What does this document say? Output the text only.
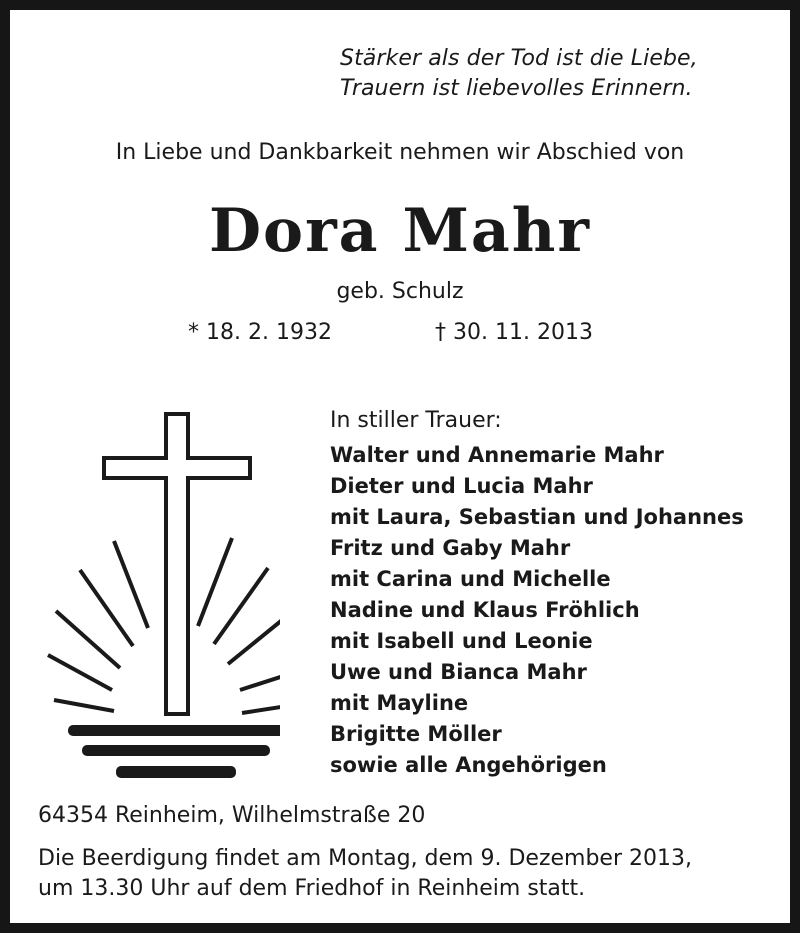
Stärker als der Tod ist die Liebe,
Trauern ist liebevolles Erinnern.
In Liebe und Dankbarkeit nehmen wir Abschied von
Dora Mahr
geb. Schulz
* 18. 2. 1932	† 30. 11. 2013
In stiller Trauer:
Walter und Annemarie Mahr
Dieter und Lucia Mahr
mit Laura, Sebastian und Johannes
Fritz und Gaby Mahr
mit Carina und Michelle
Nadine und Klaus Fröhlich
mit Isabell und Leonie
Uwe und Bianca Mahr
mit Mayline
Brigitte Möller
sowie alle Angehörigen
64354 Reinheim, Wilhelmstraße 20
Die Beerdigung findet am Montag, dem 9. Dezember 2013,
um 13.30 Uhr auf dem Friedhof in Reinheim statt.
